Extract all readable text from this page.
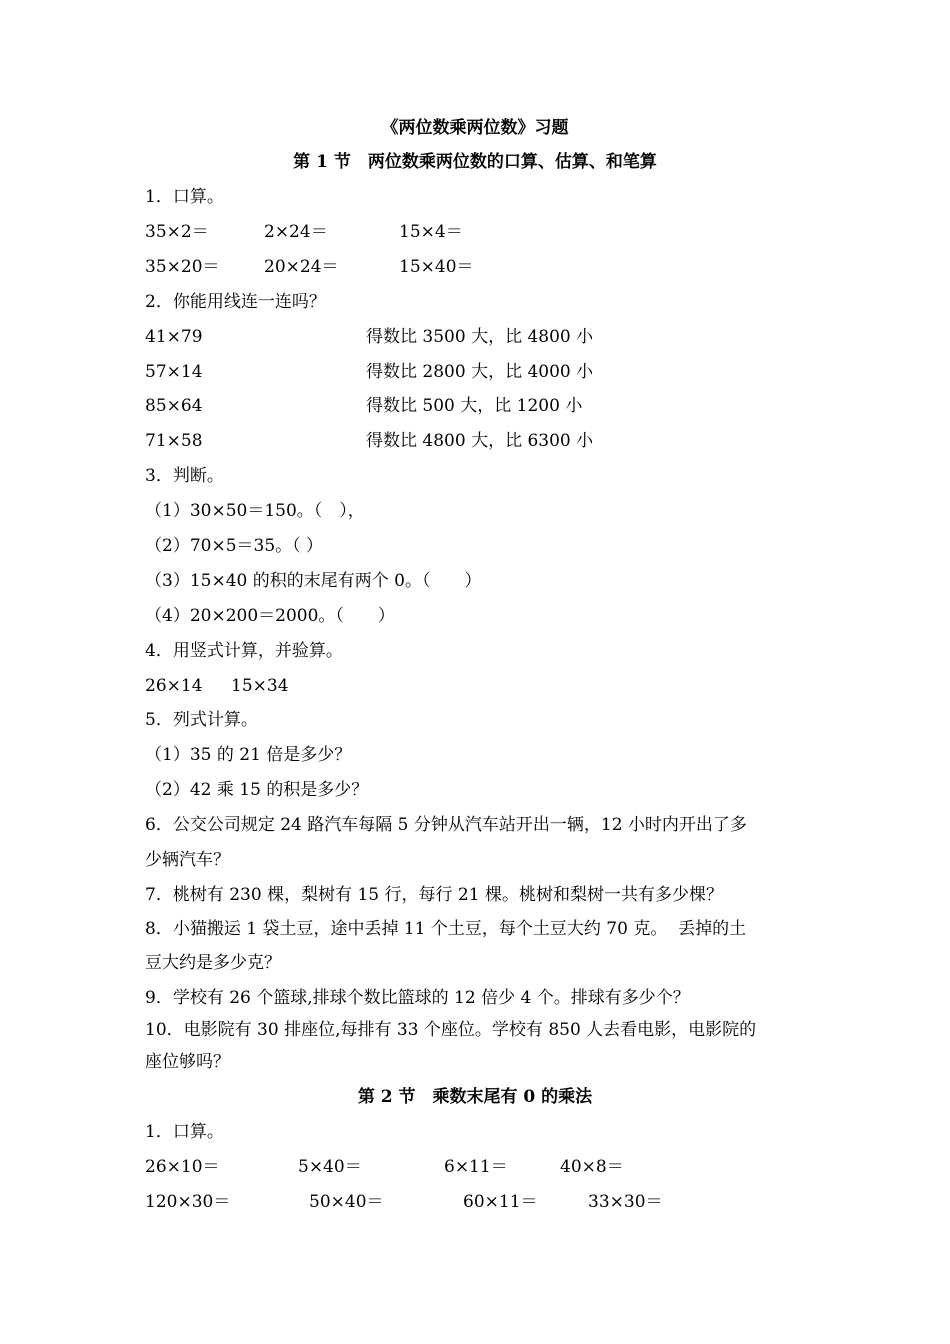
《两位数乘两位数》习题
第 1 节　两位数乘两位数的口算、估算、和笔算
1．口算。
35×2＝	2×24＝	15×4＝
35×20＝	20×24＝	15×40＝
2．你能用线连一连吗？
41×79	得数比 3500 大，比 4800 小
57×14	得数比 2800 大，比 4000 小
85×64	得数比 500 大，比 1200 小
71×58	得数比 4800 大，比 6300 小
3．判断。
（1）30×50＝150。（　），
（2）70×5＝35。（ ）
（3）15×40 的积的末尾有两个 0。（　　）
（4）20×200＝2000。（　　）
4．用竖式计算，并验算。
26×14 15×34
5．列式计算。
（1）35 的 21 倍是多少？
（2）42 乘 15 的积是多少？
6．公交公司规定 24 路汽车每隔 5 分钟从汽车站开出一辆，12 小时内开出了多
少辆汽车？
7．桃树有 230 棵，梨树有 15 行，每行 21 棵。桃树和梨树一共有多少棵？
8．小猫搬运 1 袋土豆，途中丢掉 11 个土豆，每个土豆大约 70 克。  丢掉的土
豆大约是多少克？
9．学校有 26 个篮球,排球个数比篮球的 12 倍少 4 个。排球有多少个？
10．电影院有 30 排座位,每排有 33 个座位。学校有 850 人去看电影，电影院的
座位够吗？
第 2 节　乘数末尾有 0 的乘法
1．口算。
26×10＝	5×40＝	6×11＝	40×8＝
120×30＝	50×40＝	60×11＝	33×30＝
